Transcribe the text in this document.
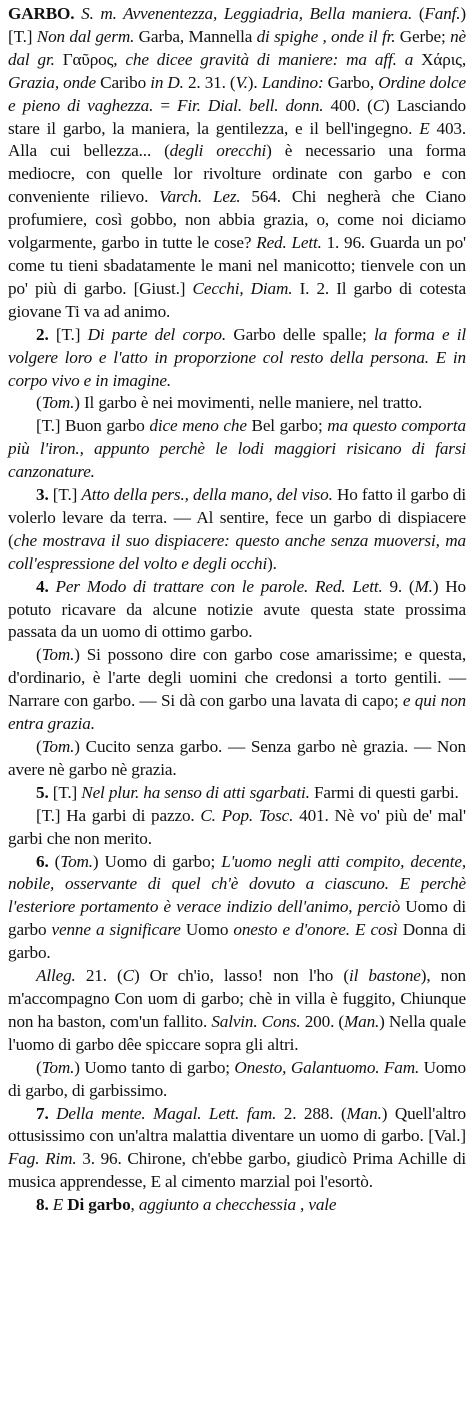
GARBO. S. m. Avvenentezza, Leggiadria, Bella maniera. (Fanf.) [T.] Non dal germ. Garba, Mannella di spighe , onde il fr. Gerbe; nè dal gr. Γαῦρος, che dicee gravità di maniere: ma aff. a Χάρις, Grazia, onde Caribo in D. 2. 31. (V.). Landino: Garbo, Ordine dolce e pieno di vaghezza. = Fir. Dial. bell. donn. 400. (C) Lasciando stare il garbo, la maniera, la gentilezza, e il bell'ingegno. E 403. Alla cui bellezza... (degli orecchi) è necessario una forma mediocre, con quelle lor rivolture ordinate con garbo e con conveniente rilievo. Varch. Lez. 564. Chi negherà che Ciano profumiere, così gobbo, non abbia grazia, o, come noi diciamo volgarmente, garbo in tutte le cose? Red. Lett. 1. 96. Guarda un po' come tu tieni sbadatamente le mani nel manicotto; tienvele con un po' più di garbo. [Giust.] Cecchi, Diam. I. 2. Il garbo di cotesta giovane Ti va ad animo.

2. [T.] Di parte del corpo. Garbo delle spalle; la forma e il volgere loro e l'atto in proporzione col resto della persona. E in corpo vivo e in imagine.

(Tom.) Il garbo è nei movimenti, nelle maniere, nel tratto.

[T.] Buon garbo dice meno che Bel garbo; ma questo comporta più l'iron., appunto perchè le lodi maggiori risicano di farsi canzonature.

3. [T.] Atto della pers., della mano, del viso. Ho fatto il garbo di volerlo levare da terra. — Al sentire, fece un garbo di dispiacere (che mostrava il suo dispiacere: questo anche senza muoversi, ma coll'espressione del volto e degli occhi).

4. Per Modo di trattare con le parole. Red. Lett. 9. (M.) Ho potuto ricavare da alcune notizie avute questa state prossima passata da un uomo di ottimo garbo.

(Tom.) Si possono dire con garbo cose amarissime; e questa, d'ordinario, è l'arte degli uomini che credonsi a torto gentili. — Narrare con garbo. — Si dà con garbo una lavata di capo; e qui non entra grazia.

(Tom.) Cucito senza garbo. — Senza garbo nè grazia. — Non avere nè garbo nè grazia.

5. [T.] Nel plur. ha senso di atti sgarbati. Farmi di questi garbi.

[T.] Ha garbi di pazzo. C. Pop. Tosc. 401. Nè vo' più de' mal' garbi che non merito.

6. (Tom.) Uomo di garbo; L'uomo negli atti compito, decente, nobile, osservante di quel ch'è dovuto a ciascuno. E perchè l'esteriore portamento è verace indizio dell'animo, perciò Uomo di garbo venne a significare Uomo onesto e d'onore. E così Donna di garbo.

Alleg. 21. (C) Or ch'io, lasso! non l'ho (il bastone), non m'accompagno Con uom di garbo; chè in villa è fuggito, Chiunque non ha baston, com'un fallito. Salvin. Cons. 200. (Man.) Nella quale l'uomo di garbo dêe spiccare sopra gli altri.

(Tom.) Uomo tanto di garbo; Onesto, Galantuomo. Fam. Uomo di garbo, di garbissimo.

7. Della mente. Magal. Lett. fam. 2. 288. (Man.) Quell'altro ottusissimo con un'altra malattia diventare un uomo di garbo. [Val.] Fag. Rim. 3. 96. Chirone, ch'ebbe garbo, giudicò Prima Achille di musica apprendesse, E al cimento marzial poi l'esortò.

8. E Di garbo, aggiunto a checchessia , vale
